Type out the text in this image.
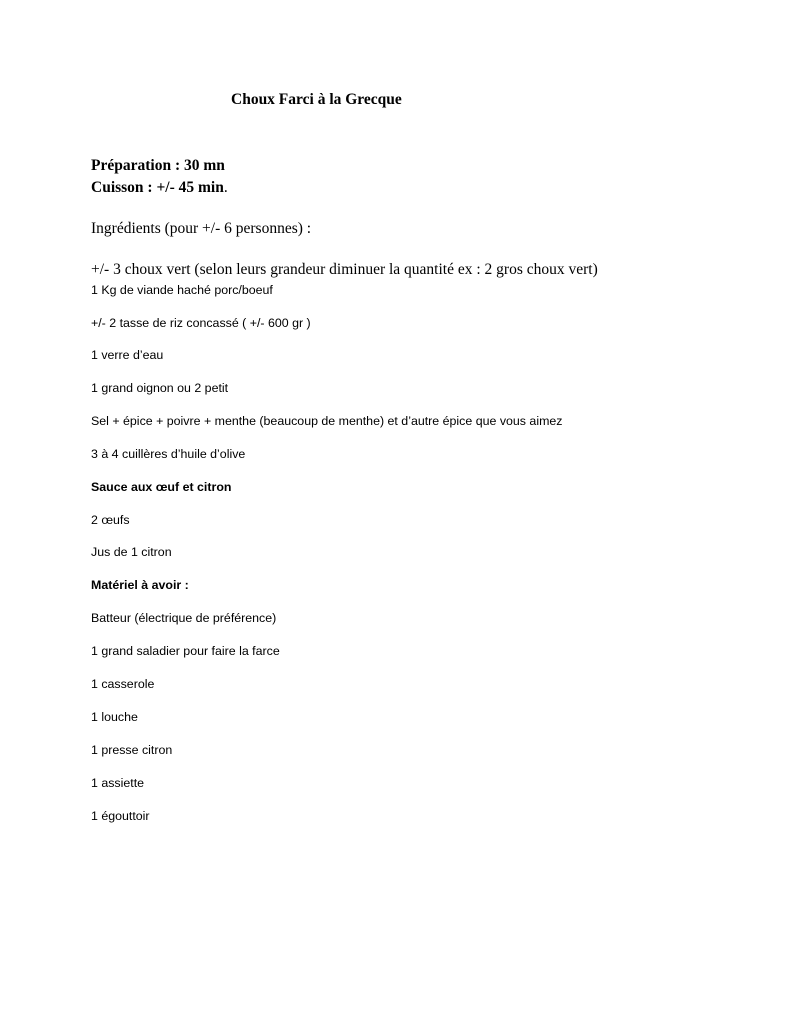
Choux Farci à la Grecque
Préparation : 30 mn
Cuisson : +/- 45 min.
Ingrédients (pour +/- 6 personnes) :
+/- 3 choux vert (selon leurs grandeur diminuer la quantité ex : 2 gros choux vert)
1 Kg de viande haché porc/boeuf
+/- 2 tasse de riz concassé ( +/- 600 gr )
1 verre d’eau
1 grand oignon ou 2 petit
Sel + épice + poivre + menthe (beaucoup de menthe) et d’autre épice que vous aimez
3 à 4 cuillères d’huile d’olive
Sauce aux œuf et citron
2 œufs
Jus de 1 citron
Matériel à avoir :
Batteur (électrique de préférence)
1 grand saladier pour faire la farce
1 casserole
1 louche
1 presse citron
1 assiette
1 égouttoir
